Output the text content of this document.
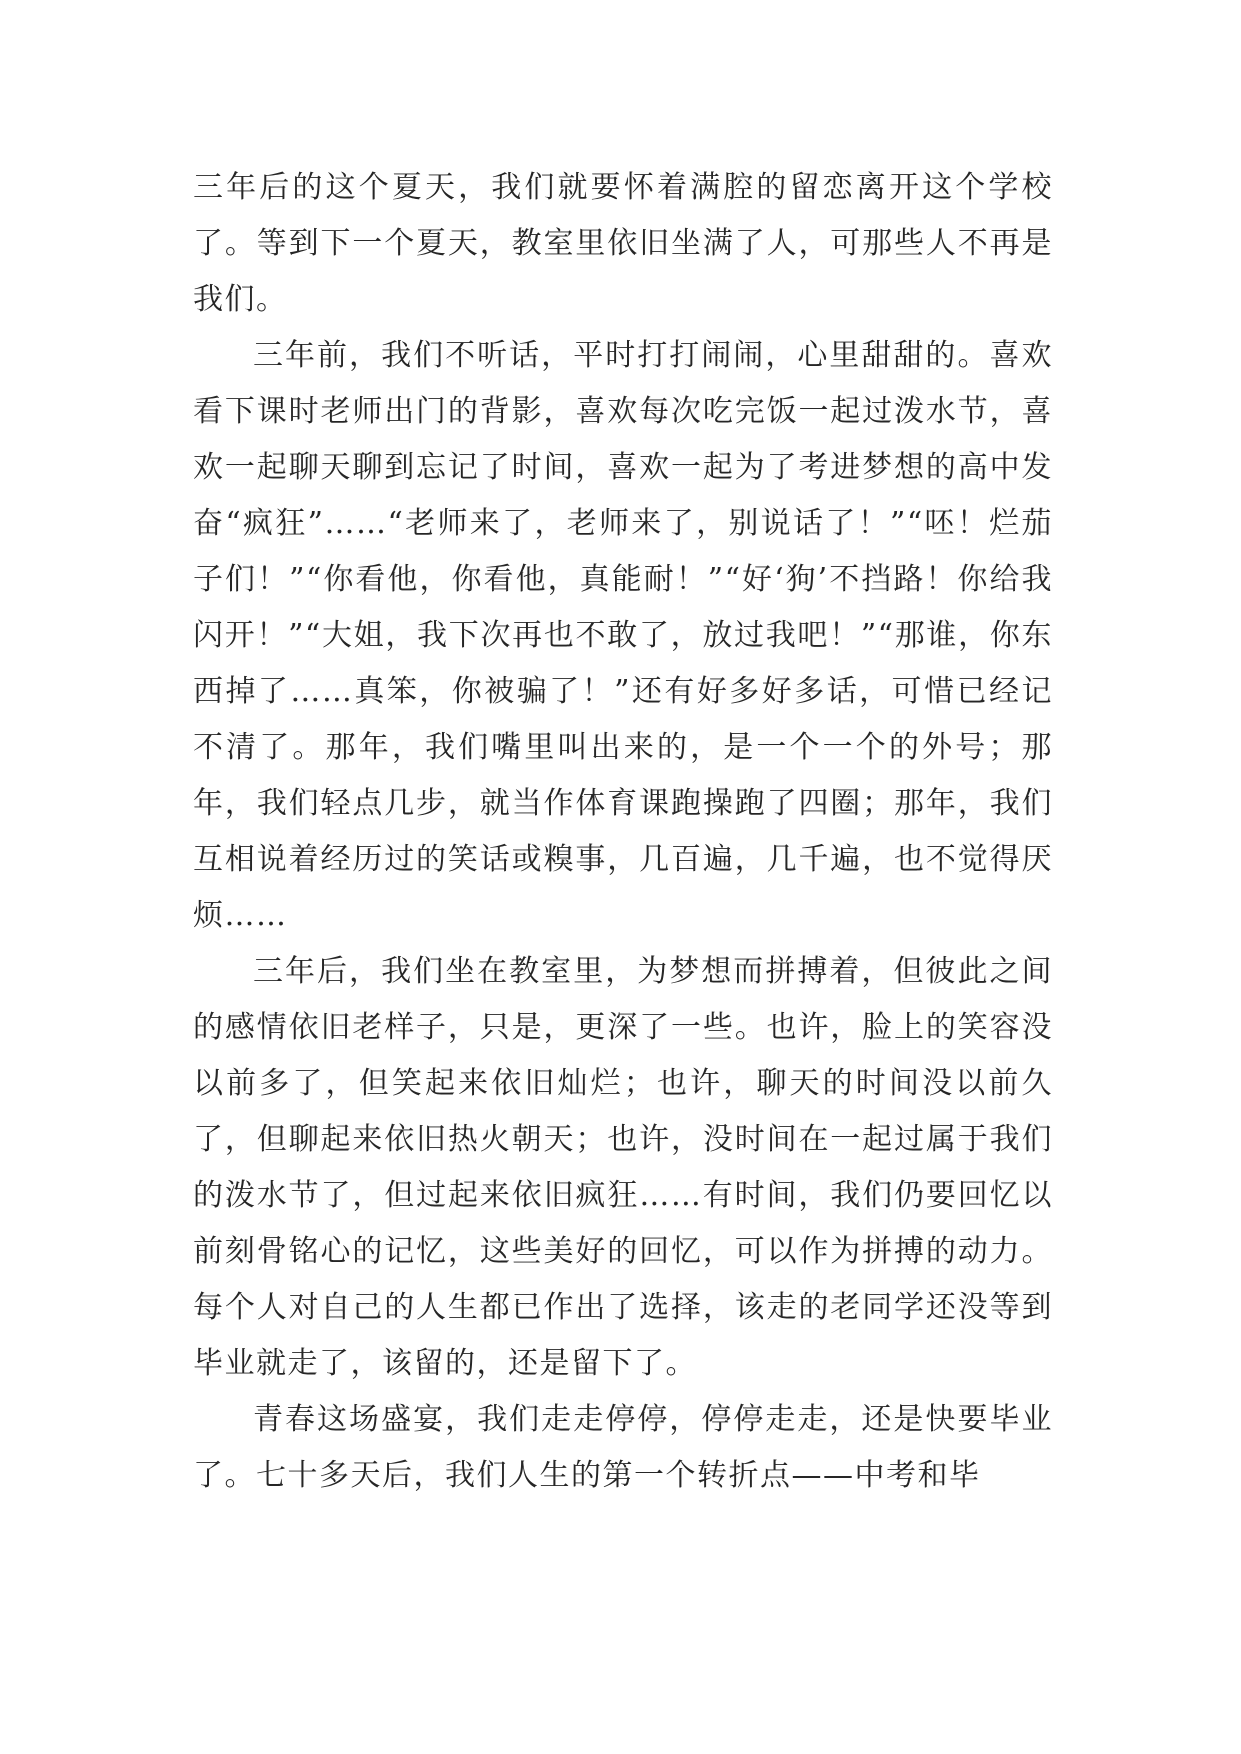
三年后的这个夏天，我们就要怀着满腔的留恋离开这个学校了。等到下一个夏天，教室里依旧坐满了人，可那些人不再是我们。

三年前，我们不听话，平时打打闹闹，心里甜甜的。喜欢看下课时老师出门的背影，喜欢每次吃完饭一起过泼水节，喜欢一起聊天聊到忘记了时间，喜欢一起为了考进梦想的高中发奋“疯狂”……“老师来了，老师来了，别说话了！”“呸！烂茄子们！”“你看他，你看他，真能耐！”“好‘狗’不挡路！你给我闪开！”“大姐，我下次再也不敢了，放过我吧！”“那谁，你东西掉了……真笨，你被骗了！”还有好多好多话，可惜已经记不清了。那年，我们嘴里叫出来的，是一个一个的外号；那年，我们轻点几步，就当作体育课跑操跑了四圈；那年，我们互相说着经历过的笑话或糗事，几百遍，几千遍，也不觉得厌烦……

三年后，我们坐在教室里，为梦想而拼搏着，但彼此之间的感情依旧老样子，只是，更深了一些。也许，脸上的笑容没以前多了，但笑起来依旧灿烂；也许，聊天的时间没以前久了，但聊起来依旧热火朝天；也许，没时间在一起过属于我们的泼水节了，但过起来依旧疯狂……有时间，我们仍要回忆以前刻骨铭心的记忆，这些美好的回忆，可以作为拼搏的动力。每个人对自己的人生都已作出了选择，该走的老同学还没等到毕业就走了，该留的，还是留下了。

青春这场盛宴，我们走走停停，停停走走，还是快要毕业了。七十多天后，我们人生的第一个转折点——中考和毕
